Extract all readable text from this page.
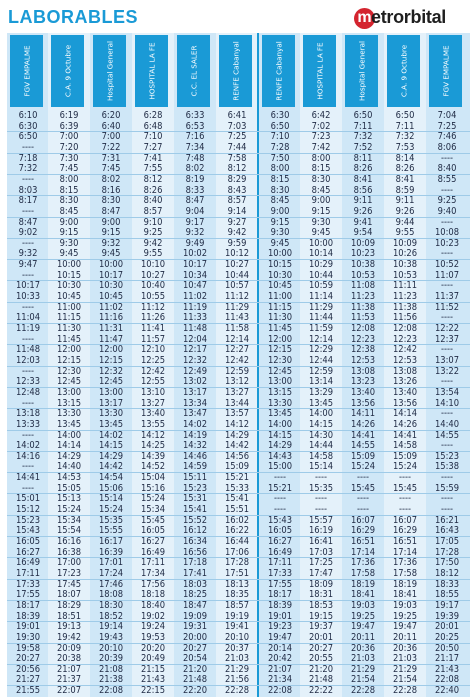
LABORABLES	m etrorbital
FGV EMPALME	C.A. 9 Octubre	Hospital General	HOSPITAL LA FE	C.C. EL SALER	RENFE Cabanyal	RENFE Cabanyal	HOSPITAL LA FE	Hospital General	C.A. 9 Octubre	FGV EMPALME
6:10	6:19	6:20	6:28	6:33	6:41	6:30	6:42	6:50	6:50	7:04
6:30	6:39	6:40	6:48	6:53	7:03	6:50	7:02	7:11	7:11	7:25
6:50	7:00	7:00	7:10	7:16	7:25	7:10	7:23	7:32	7:32	7:46
----	7:20	7:22	7:27	7:34	7:44	7:28	7:42	7:52	7:53	8:06
7:18	7:30	7:31	7:41	7:48	7:58	7:50	8:00	8:11	8:14	----
7:32	7:45	7:45	7:55	8:02	8:12	8:00	8:15	8:26	8:26	8:40
----	8:00	8:02	8:12	8:19	8:29	8:15	8:30	8:41	8:41	8:55
8:03	8:15	8:16	8:26	8:33	8:43	8:30	8:45	8:56	8:59	----
8:17	8:30	8:30	8:40	8:47	8:57	8:45	9:00	9:11	9:11	9:25
----	8:45	8:47	8:57	9:04	9:14	9:00	9:15	9:26	9:26	9:40
8:47	9:00	9:00	9:10	9:17	9:27	9:15	9:30	9:41	9:44	----
9:02	9:15	9:15	9:25	9:32	9:42	9:30	9:45	9:54	9:55	10:08
----	9:30	9:32	9:42	9:49	9:59	9:45	10:00	10:09	10:09	10:23
9:32	9:45	9:45	9:55	10:02	10:12	10:00	10:14	10:23	10:26	----
9:47	10:00	10:00	10:10	10:17	10:27	10:15	10:29	10:38	10:38	10:52
----	10:15	10:17	10:27	10:34	10:44	10:30	10:44	10:53	10:53	11:07
10:17	10:30	10:30	10:40	10:47	10:57	10:45	10:59	11:08	11:11	----
10:33	10:45	10:45	10:55	11:02	11:12	11:00	11:14	11:23	11:23	11:37
----	11:00	11:02	11:12	11:19	11:29	11:15	11:29	11:38	11:38	11:52
11:04	11:15	11:16	11:26	11:33	11:43	11:30	11:44	11:53	11:56	----
11:19	11:30	11:31	11:41	11:48	11:58	11:45	11:59	12:08	12:08	12:22
----	11:45	11:47	11:57	12:04	12:14	12:00	12:14	12:23	12:23	12:37
11:48	12:00	12:00	12:10	12:17	12:27	12:15	12:29	12:38	12:42	----
12:03	12:15	12:15	12:25	12:32	12:42	12:30	12:44	12:53	12:53	13:07
----	12:30	12:32	12:42	12:49	12:59	12:45	12:59	13:08	13:08	13:22
12:33	12:45	12:45	12:55	13:02	13:12	13:00	13:14	13:23	13:26	----
12:48	13:00	13:00	13:10	13:17	13:27	13:15	13:29	13:40	13:40	13:54
----	13:15	13:17	13:27	13:34	13:44	13:30	13:45	13:56	13:56	14:10
13:18	13:30	13:30	13:40	13:47	13:57	13:45	14:00	14:11	14:14	----
13:33	13:45	13:45	13:55	14:02	14:12	14:00	14:15	14:26	14:26	14:40
----	14:00	14:02	14:12	14:19	14:29	14:15	14:30	14:41	14:41	14:55
14:02	14:14	14:15	14:25	14:32	14:42	14:29	14:44	14:55	14:58	----
14:16	14:29	14:29	14:39	14:46	14:56	14:43	14:58	15:09	15:09	15:23
----	14:40	14:42	14:52	14:59	15:09	15:00	15:14	15:24	15:24	15:38
14:41	14:53	14:54	15:04	15:11	15:21	----	----	----	----	----
----	15:05	15:06	15:16	15:23	15:33	15:21	15:35	15:45	15:45	15:59
15:01	15:13	15:14	15:24	15:31	15:41	----	----	----	----	----
15:12	15:24	15:24	15:34	15:41	15:51	----	----	----	----	----
15:23	15:34	15:35	15:45	15:52	16:02	15:43	15:57	16:07	16:07	16:21
15:43	15:54	15:55	16:05	16:12	16:22	16:05	16:19	16:29	16:29	16:43
16:05	16:16	16:17	16:27	16:34	16:44	16:27	16:41	16:51	16:51	17:05
16:27	16:38	16:39	16:49	16:56	17:06	16:49	17:03	17:14	17:14	17:28
16:49	17:00	17:01	17:11	17:18	17:28	17:11	17:25	17:36	17:36	17:50
17:11	17:23	17:24	17:34	17:41	17:51	17:33	17:47	17:58	17:58	18:12
17:33	17:45	17:46	17:56	18:03	18:13	17:55	18:09	18:19	18:19	18:33
17:55	18:07	18:08	18:18	18:25	18:35	18:17	18:31	18:41	18:41	18:55
18:17	18:29	18:30	18:40	18:47	18:57	18:39	18:53	19:03	19:03	19:17
18:39	18:51	18:52	19:02	19:09	19:19	19:01	19:15	19:25	19:25	19:39
19:01	19:13	19:14	19:24	19:31	19:41	19:23	19:37	19:47	19:47	20:01
19:30	19:42	19:43	19:53	20:00	20:10	19:47	20:01	20:11	20:11	20:25
19:58	20:09	20:10	20:20	20:27	20:37	20:14	20:27	20:36	20:36	20:50
20:27	20:38	20:39	20:49	20:54	21:03	20:42	20:55	21:03	21:03	21:17
20:56	21:07	21:08	21:15	21:20	21:29	21:07	21:20	21:29	21:29	21:43
21:27	21:37	21:38	21:43	21:48	21:56	21:34	21:48	21:54	21:54	22:08
21:55	22:07	22:08	22:15	22:20	22:28	22:08	22:22	22:28	22:28	22:40
